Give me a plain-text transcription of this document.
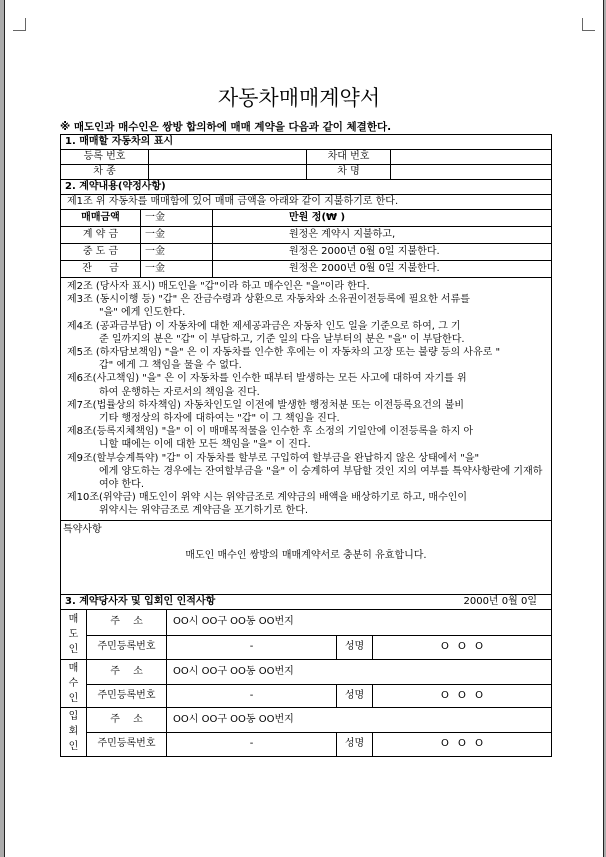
자동차매매계약서
※ 매도인과 매수인은 쌍방 합의하에 매매 계약을 다음과 같이 체결한다.
1. 매매할 자동차의 표시
등록 번호	차대 번호
차 종	차 명
2. 계약내용(약정사항)
제1조 위 자동차를 매매함에 있어 매매 금액을 아래와 같이 지불하기로 한다.
매매금액	一金	만원 정(₩ )
계 약 금	一金	원정은 계약시 지불하고,
중 도 금	一金	원정은 2000년 0월 0일 지불한다.
잔 금	一金	원정은 2000년 0월 0일 지불한다.
제2조 (당사자 표시) 매도인을 "갑"이라 하고 매수인은 "을"이라 한다.
제3조 (동시이행 등) "갑" 은 잔금수령과 상환으로 자동차와 소유권이전등록에 필요한 서류를
"을" 에게 인도한다.
제4조 (공과금부담) 이 자동차에 대한 제세공과금은 자동차 인도 일을 기준으로 하여, 그 기
준 일까지의 분은 "갑" 이 부담하고, 기준 일의 다음 날부터의 분은 "을" 이 부담한다.
제5조 (하자담보책임) "을" 은 이 자동차를 인수한 후에는 이 자동차의 고장 또는 불량 등의 사유로 "
갑" 에게 그 책임을 물을 수 없다.
제6조(사고책임) "을" 은 이 자동차를 인수한 때부터 발생하는 모든 사고에 대하여 자기를 위
하여 운행하는 자로서의 책임을 진다.
제7조(법률상의 하자책임) 자동차인도일 이전에 발생한 행정처분 또는 이전등록요건의 불비
기타 행정상의 하자에 대하여는 "갑" 이 그 책임을 진다.
제8조(등록지체책임) "을" 이 이 매매목적물을 인수한 후 소정의 기일안에 이전등록을 하지 아
니할 때에는 이에 대한 모든 책임을 "을" 이 진다.
제9조(할부승계특약) "갑" 이 자동차를 할부로 구입하여 할부금을 완납하지 않은 상태에서 "을"
에게 양도하는 경우에는 잔여할부금을 "을" 이 승계하여 부담할 것인 지의 여부를 특약사항란에 기재하여야 한다.
제10조(위약금) 매도인이 위약 시는 위약금조로 계약금의 배액을 배상하기로 하고, 매수인이
위약시는 위약금조로 계약금을 포기하기로 한다.
특약사항
매도인 매수인 쌍방의 매매계약서로 충분히 유효합니다.
3. 계약당사자 및 입회인 인적사항	2000년 0월 0일
매
도
인
주 소	OO시 OO구 OO동 OO번지
주민등록번호	-	성명	O O O
매
수
인
주 소	OO시 OO구 OO동 OO번지
주민등록번호	-	성명	O O O
입
회
인
주 소	OO시 OO구 OO동 OO번지
주민등록번호	-	성명	O O O
